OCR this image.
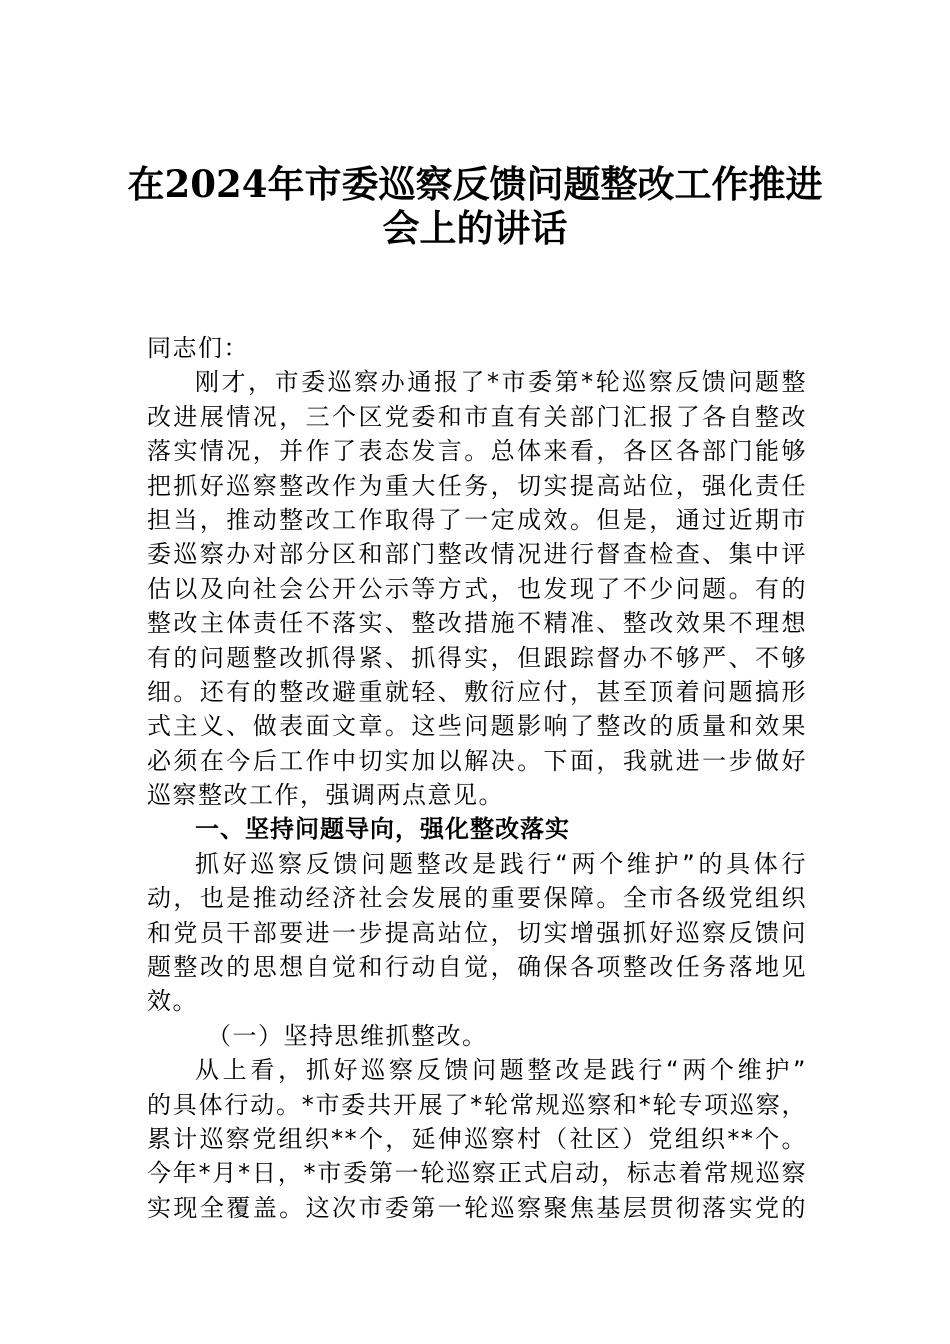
在2024年市委巡察反馈问题整改工作推进
会上的讲话
同志们：
刚才，市委巡察办通报了*市委第*轮巡察反馈问题整
改进展情况，三个区党委和市直有关部门汇报了各自整改
落实情况，并作了表态发言。总体来看，各区各部门能够
把抓好巡察整改作为重大任务，切实提高站位，强化责任
担当，推动整改工作取得了一定成效。但是，通过近期市
委巡察办对部分区和部门整改情况进行督查检查、集中评
估以及向社会公开公示等方式，也发现了不少问题。有的
整改主体责任不落实、整改措施不精准、整改效果不理想
有的问题整改抓得紧、抓得实，但跟踪督办不够严、不够
细。还有的整改避重就轻、敷衍应付，甚至顶着问题搞形
式主义、做表面文章。这些问题影响了整改的质量和效果
必须在今后工作中切实加以解决。下面，我就进一步做好
巡察整改工作，强调两点意见。
一、坚持问题导向，强化整改落实
抓好巡察反馈问题整改是践行“两个维护”的具体行
动，也是推动经济社会发展的重要保障。全市各级党组织
和党员干部要进一步提高站位，切实增强抓好巡察反馈问
题整改的思想自觉和行动自觉，确保各项整改任务落地见
效。
（一）坚持思维抓整改。
从上看，抓好巡察反馈问题整改是践行“两个维护”
的具体行动。*市委共开展了*轮常规巡察和*轮专项巡察，
累计巡察党组织**个，延伸巡察村（社区）党组织**个。
今年*月*日，*市委第一轮巡察正式启动，标志着常规巡察
实现全覆盖。这次市委第一轮巡察聚焦基层贯彻落实党的
